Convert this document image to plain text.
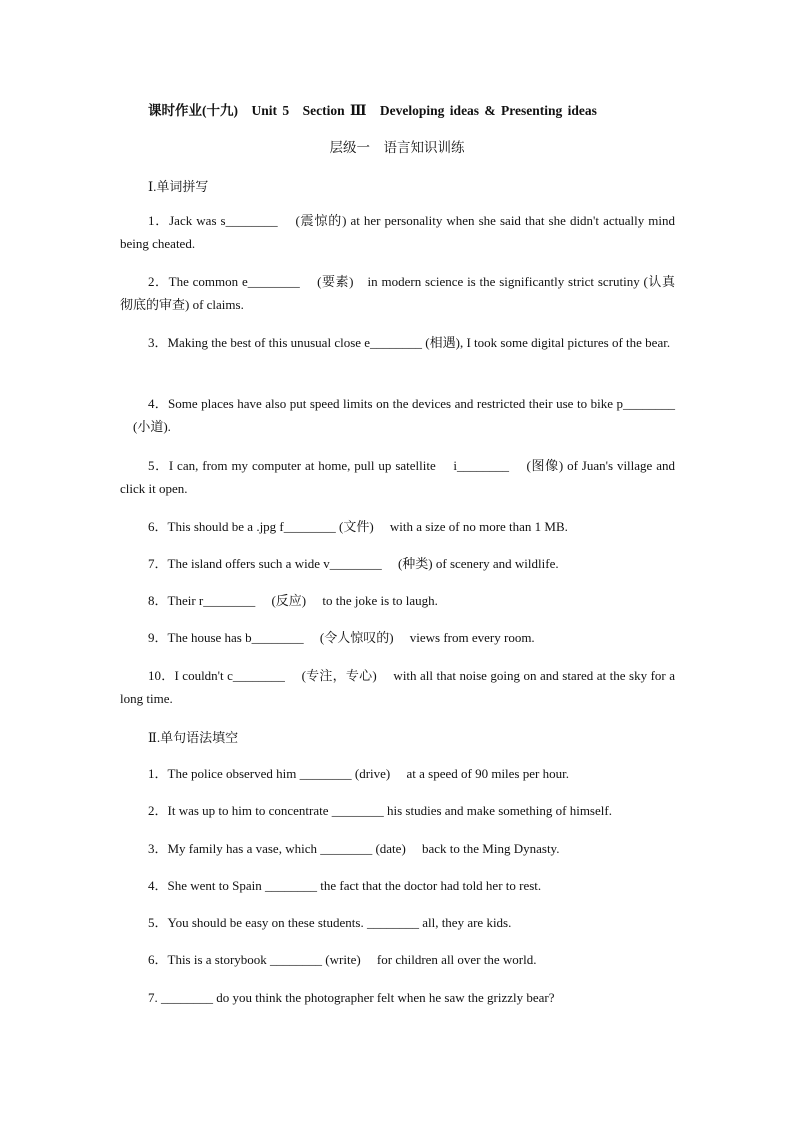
课时作业(十九)　Unit 5　Section Ⅲ　Developing ideas & Presenting ideas
层级一　语言知识训练
Ⅰ.单词拼写
1．Jack was s________ 　(震惊的) at her personality when she said that she didn't actually mind being cheated.
2．The common e________ 　(要素)　in modern science is the significantly strict scrutiny (认真彻底的审查) of claims.
3．Making the best of this unusual close e________ (相遇), I took some digital pictures of the bear.
4．Some places have also put speed limits on the devices and restricted their use to bike p________ 　(小道).
5．I can, from my computer at home, pull up satellite 　i________ 　(图像) of Juan's village and click it open.
6．This should be a .jpg f________ (文件) 　with a size of no more than 1 MB.
7．The island offers such a wide v________ 　(种类) of scenery and wildlife.
8．Their r________ 　(反应) 　to the joke is to laugh.
9．The house has b________ 　(令人惊叹的) 　views from every room.
10．I couldn't c________ 　(专注，专心) 　with all that noise going on and stared at the sky for a long time.
Ⅱ.单句语法填空
1．The police observed him ________ (drive) 　at a speed of 90 miles per hour.
2．It was up to him to concentrate ________ his studies and make something of himself.
3．My family has a vase, which ________ (date) 　back to the Ming Dynasty.
4．She went to Spain ________ the fact that the doctor had told her to rest.
5．You should be easy on these students. ________ all, they are kids.
6．This is a storybook ________ (write) 　for children all over the world.
7. ________ do you think the photographer felt when he saw the grizzly bear?
